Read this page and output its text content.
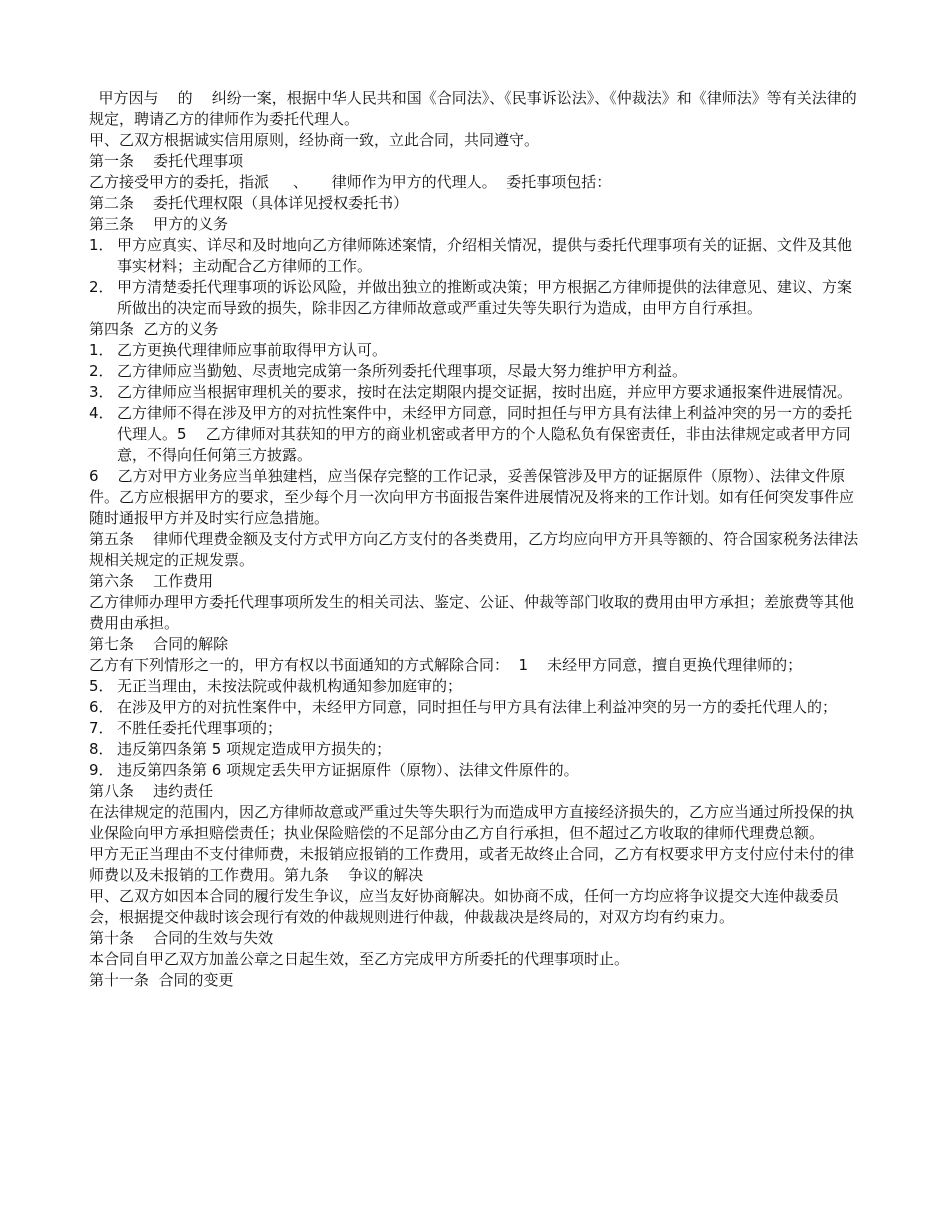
甲方因与    的    纠纷一案，根据中华人民共和国《合同法》、《民事诉讼法》、《仲裁法》和《律师法》等有关法律的规定，聘请乙方的律师作为委托代理人。

甲、乙双方根据诚实信用原则，经协商一致，立此合同，共同遵守。

第一条    委托代理事项

乙方接受甲方的委托，指派     、     律师作为甲方的代理人。  委托事项包括：

第二条    委托代理权限（具体详见授权委托书）

第三条    甲方的义务

1． 甲方应真实、详尽和及时地向乙方律师陈述案情，介绍相关情况，提供与委托代理事项有关的证据、文件及其他事实材料；主动配合乙方律师的工作。
2． 甲方清楚委托代理事项的诉讼风险，并做出独立的推断或决策；甲方根据乙方律师提供的法律意见、建议、方案所做出的决定而导致的损失，除非因乙方律师故意或严重过失等失职行为造成，由甲方自行承担。

第四条  乙方的义务

1． 乙方更换代理律师应事前取得甲方认可。
2． 乙方律师应当勤勉、尽责地完成第一条所列委托代理事项，尽最大努力维护甲方利益。
3． 乙方律师应当根据审理机关的要求，按时在法定期限内提交证据，按时出庭，并应甲方要求通报案件进展情况。
4． 乙方律师不得在涉及甲方的对抗性案件中，未经甲方同意，同时担任与甲方具有法律上利益冲突的另一方的委托代理人。5    乙方律师对其获知的甲方的商业机密或者甲方的个人隐私负有保密责任，非由法律规定或者甲方同意，不得向任何第三方披露。

6    乙方对甲方业务应当单独建档，应当保存完整的工作记录，妥善保管涉及甲方的证据原件（原物）、法律文件原件。乙方应根据甲方的要求，至少每个月一次向甲方书面报告案件进展情况及将来的工作计划。如有任何突发事件应随时通报甲方并及时实行应急措施。

第五条    律师代理费金额及支付方式甲方向乙方支付的各类费用，乙方均应向甲方开具等额的、符合国家税务法律法规相关规定的正规发票。

第六条    工作费用

乙方律师办理甲方委托代理事项所发生的相关司法、鉴定、公证、仲裁等部门收取的费用由甲方承担；差旅费等其他费用由承担。

第七条    合同的解除

乙方有下列情形之一的，甲方有权以书面通知的方式解除合同：  1    未经甲方同意，擅自更换代理律师的；

5． 无正当理由，未按法院或仲裁机构通知参加庭审的；
6． 在涉及甲方的对抗性案件中，未经甲方同意，同时担任与甲方具有法律上利益冲突的另一方的委托代理人的；
7． 不胜任委托代理事项的；
8． 违反第四条第 5 项规定造成甲方损失的；
9． 违反第四条第 6 项规定丢失甲方证据原件（原物）、法律文件原件的。

第八条    违约责任

在法律规定的范围内，因乙方律师故意或严重过失等失职行为而造成甲方直接经济损失的，乙方应当通过所投保的执业保险向甲方承担赔偿责任；执业保险赔偿的不足部分由乙方自行承担，但不超过乙方收取的律师代理费总额。

甲方无正当理由不支付律师费，未报销应报销的工作费用，或者无故终止合同，乙方有权要求甲方支付应付未付的律师费以及未报销的工作费用。第九条    争议的解决

甲、乙双方如因本合同的履行发生争议，应当友好协商解决。如协商不成，任何一方均应将争议提交大连仲裁委员会，根据提交仲裁时该会现行有效的仲裁规则进行仲裁，仲裁裁决是终局的，对双方均有约束力。

第十条    合同的生效与失效

本合同自甲乙双方加盖公章之日起生效，至乙方完成甲方所委托的代理事项时止。

第十一条  合同的变更
